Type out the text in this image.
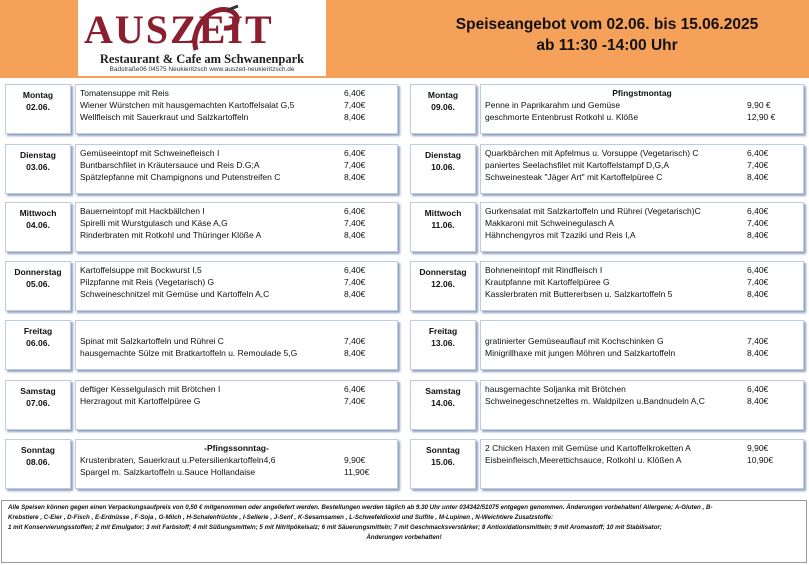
AUSZEIT
Restaurant & Cafe am Schwanenpark
Badstraße06 04575 Neukieritzsch www.auszeit-neukieritzsch.de
Speiseangebot vom 02.06. bis 15.06.2025
ab 11:30 -14:00 Uhr
Montag
02.06.
Tomatensuppe mit Reis	6,40€
Wiener Würstchen mit hausgemachten Kartoffelsalat G,5	7,40€
Wellfleisch mit Sauerkraut und Salzkartoffeln	8,40€
Dienstag
03.06.
Gemüseeintopf mit Schweinefleisch I	6,40€
Buntbarschfilet in Kräutersauce und Reis D.G;A	7,40€
Spätzlepfanne mit Champignons und Putenstreifen C	8,40€
Mittwoch
04.06.
Bauerneintopf mit Hackbällchen I	6,40€
Spirelli mit Wurstgulasch und Käse A,G	7,40€
Rinderbraten mit Rotkohl und Thüringer Klöße A	8,40€
Donnerstag
05.06.
Kartoffelsuppe mit Bockwurst I,5	6,40€
Pilzpfanne mit Reis (Vegetarisch) G	7,40€
Schweineschnitzel mit Gemüse und Kartoffeln A,C	8,40€
Freitag
06.06.	Spinat mit Salzkartoffeln und Rührei C	7,40€
hausgemachte Sülze mit Bratkartoffeln u. Remoulade 5,G	8,40€
Samstag
07.06.
deftiger Kesselgulasch mit Brötchen I	6,40€
Herzragout mit Kartoffelpüree G	7,40€
Sonntag
08.06.
-Pfingssonntag-
Krustenbraten, Sauerkraut u.Petersilienkartoffeln4,6	9,90€
Spargel m. Salzkartoffeln u.Sauce Hollandaise	11,90€
Montag
09.06.
Pfingstmontag
Penne in Paprikarahm und Gemüse	9,90 €
geschmorte Entenbrust Rotkohl u. Klöße	12,90 €
Dienstag
10.06.
Quarkbärchen mit Apfelmus u. Vorsuppe (Vegetarisch) C	6,40€
paniertes Seelachsfilet mit Kartoffelstampf D,G,A	7,40€
Schweinesteak "Jäger Art" mit Kartoffelpüree C	8,40€
Mittwoch
11.06.
Gurkensalat mit Salzkartoffeln und Rührei (Vegetarisch)C	6,40€
Makkaroni mit Schweinegulasch A	7,40€
Hähnchengyros mit Tzaziki und Reis I,A	8,40€
Donnerstag
12.06.
Bohneneintopf mit Rindfleisch I	6,40€
Krautpfanne mit Kartoffelpüree G	7,40€
Kasslerbraten mit Buttererbsen u. Salzkartoffeln 5	8,40€
Freitag
13.06.	gratinierter Gemüseauflauf mit Kochschinken G	7,40€
Minigrillhaxe mit jungen Möhren und Salzkartoffeln	8,40€
Samstag
14.06.
hausgemachte Soljanka mit Brötchen	6,40€
Schweinegeschnetzeltes m. Waldpilzen u.Bandnudeln A,C	8,40€
Sonntag
15.06.
2 Chicken Haxen mit Gemüse und Kartoffelkroketten A	9,90€
Eisbeinfleisch,Meerettichsauce, Rotkohl u. Klößen A	10,90€
Alle Speisen können gegen einen Verpackungsaufpreis von 0,50 € mitgenommen oder angeliefert werden. Bestellungen werden täglich ab 9.30 Uhr unter 034342/51075 entgegen genommen. Änderungen vorbehalten! Allergene; A-Gluten , B-
Krebstiere , C-Eier , D-Fisch , E-Erdnüsse , F-Soja , G-Milch , H-Schalenfrüchte , I-Sellerie , J-Senf , K-Sesamsamen , L-Schwefeldioxid und Sulfite , M-Lupinen , N-Weichtiere Zusatzstoffe:
1 mit Konservierungsstoffen; 2 mit Emulgator; 3 mit Farbstoff; 4 mit Süßungsmitteln; 5 mit Nitritpökelsalz; 6 mit Säuerungsmitteln; 7 mit Geschmacksverstärker; 8 Antioxidationsmitteln; 9 mit Aromastoff; 10 mit Stabilisator;
Änderungen vorbehalten!
